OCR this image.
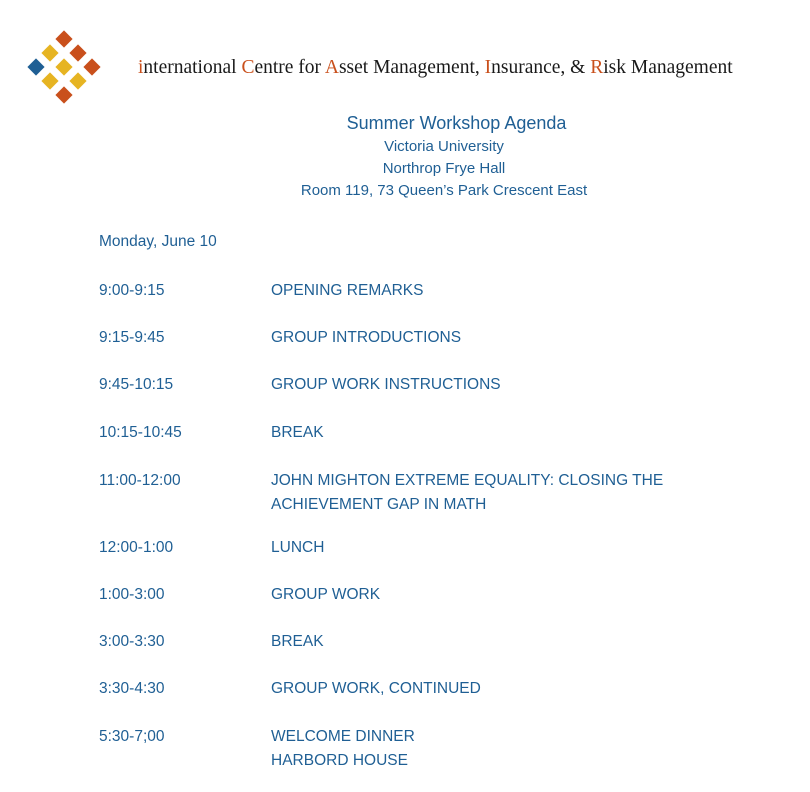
international Centre for Asset Management, Insurance, & Risk Management
Summer Workshop Agenda
Victoria University
Northrop Frye Hall
Room 119, 73 Queen’s Park Crescent East
Monday, June 10
9:00-9:15	OPENING REMARKS
9:15-9:45	GROUP INTRODUCTIONS
9:45-10:15	GROUP WORK INSTRUCTIONS
10:15-10:45	BREAK
11:00-12:00	JOHN MIGHTON EXTREME EQUALITY: CLOSING THE
ACHIEVEMENT GAP IN MATH
12:00-1:00	LUNCH
1:00-3:00	GROUP WORK
3:00-3:30	BREAK
3:30-4:30	GROUP WORK, CONTINUED
5:30-7;00	WELCOME DINNER
HARBORD HOUSE
